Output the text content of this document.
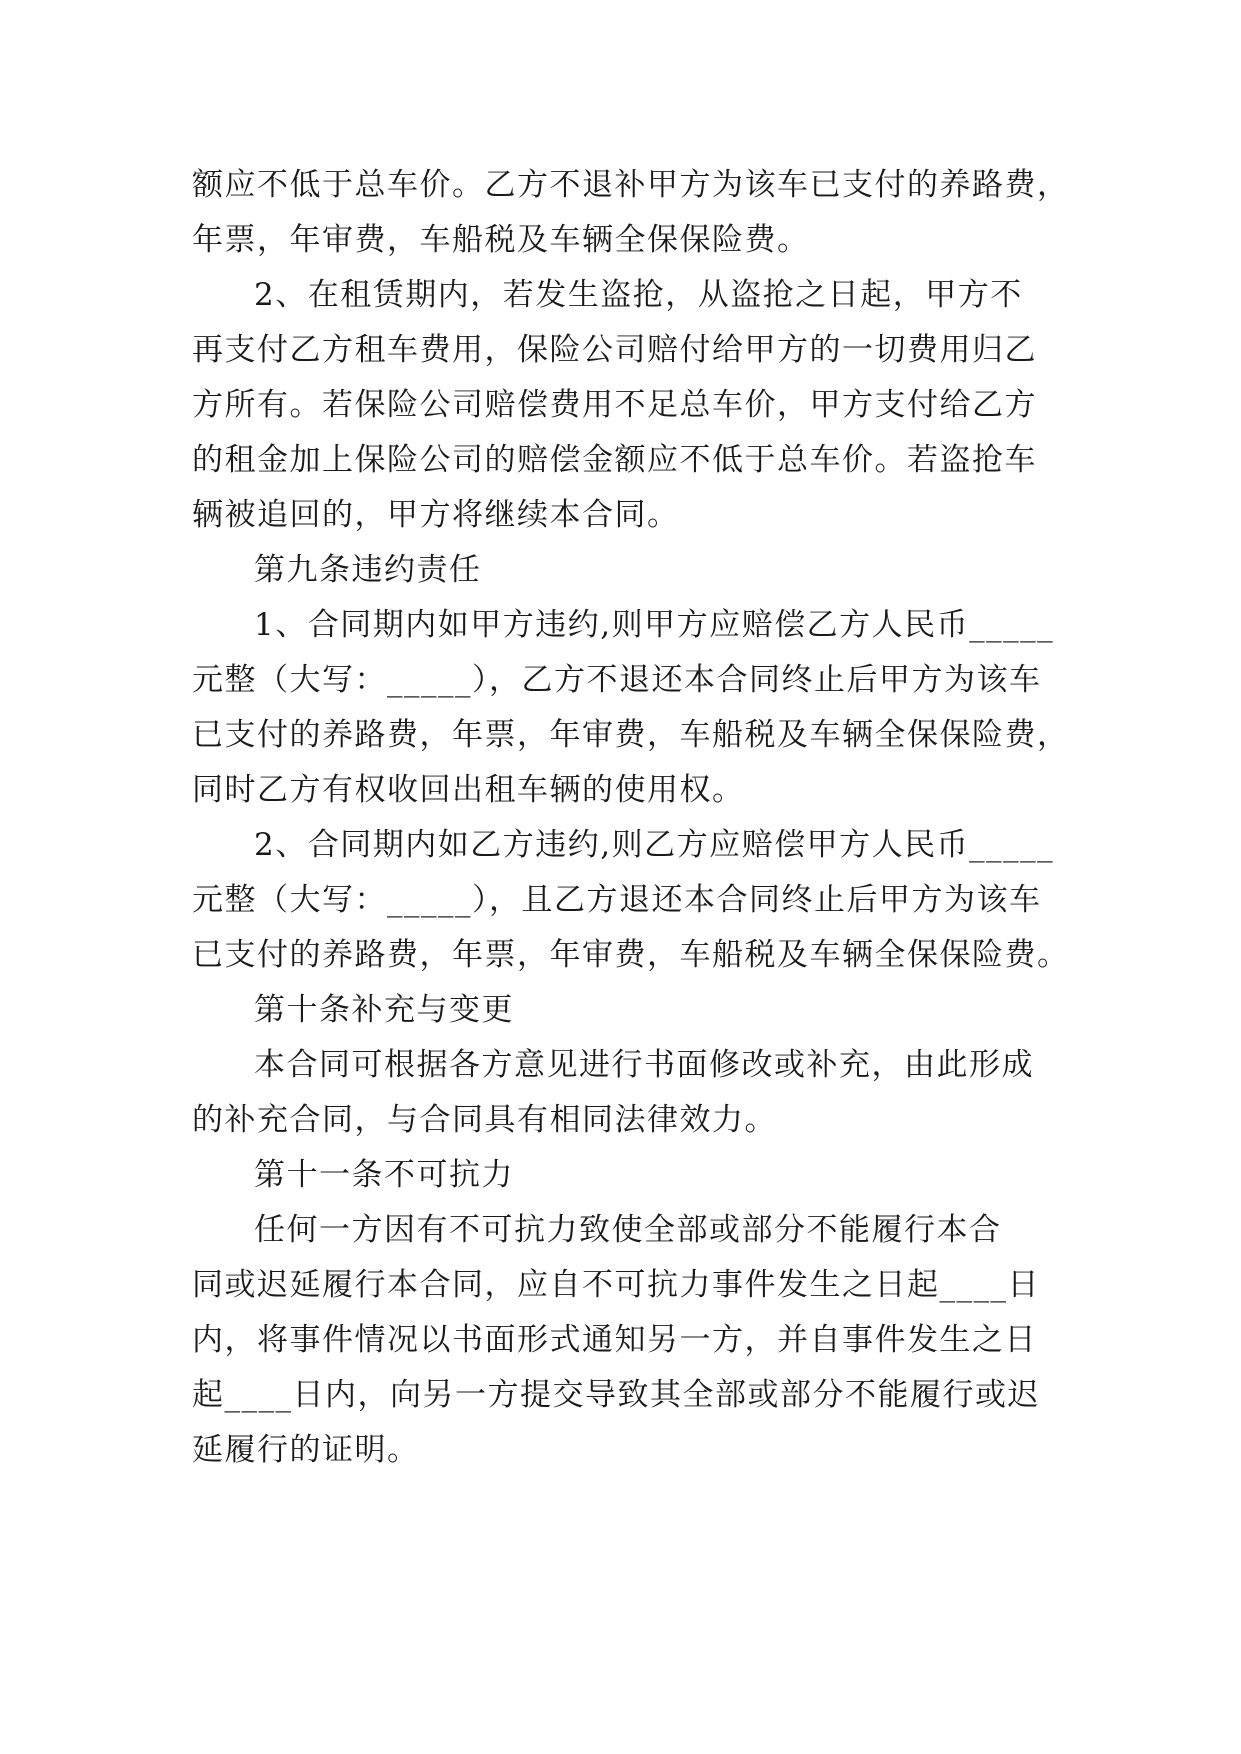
额应不低于总车价。乙方不退补甲方为该车已支付的养路费，
年票，年审费，车船税及车辆全保保险费。
2、在租赁期内，若发生盗抢，从盗抢之日起，甲方不
再支付乙方租车费用，保险公司赔付给甲方的一切费用归乙
方所有。若保险公司赔偿费用不足总车价，甲方支付给乙方
的租金加上保险公司的赔偿金额应不低于总车价。若盗抢车
辆被追回的，甲方将继续本合同。
第九条违约责任
1、合同期内如甲方违约,则甲方应赔偿乙方人民币_____
元整（大写：_____），乙方不退还本合同终止后甲方为该车
已支付的养路费，年票，年审费，车船税及车辆全保保险费，
同时乙方有权收回出租车辆的使用权。
2、合同期内如乙方违约,则乙方应赔偿甲方人民币_____
元整（大写：_____），且乙方退还本合同终止后甲方为该车
已支付的养路费，年票，年审费，车船税及车辆全保保险费。
第十条补充与变更
本合同可根据各方意见进行书面修改或补充，由此形成
的补充合同，与合同具有相同法律效力。
第十一条不可抗力
任何一方因有不可抗力致使全部或部分不能履行本合
同或迟延履行本合同，应自不可抗力事件发生之日起____日
内，将事件情况以书面形式通知另一方，并自事件发生之日
起____日内，向另一方提交导致其全部或部分不能履行或迟
延履行的证明。
